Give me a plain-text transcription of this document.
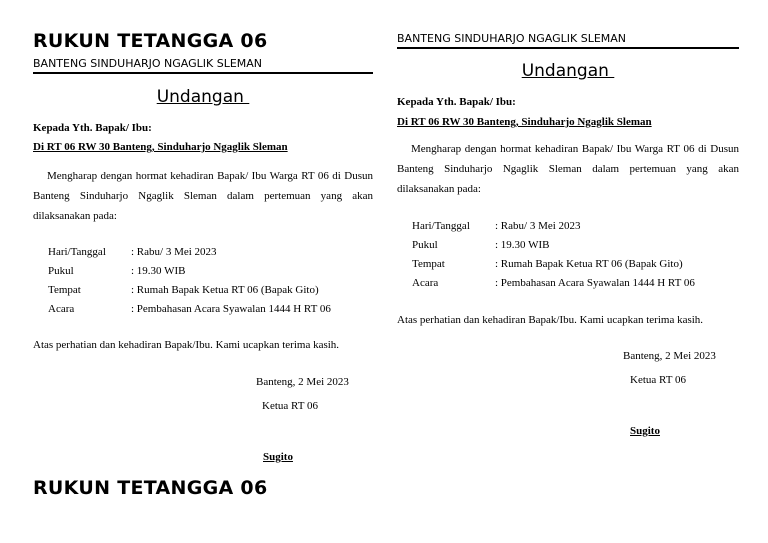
RUKUN TETANGGA 06
BANTENG SINDUHARJO NGAGLIK SLEMAN
Undangan
Kepada Yth. Bapak/ Ibu:
Di RT 06 RW 30 Banteng, Sinduharjo Ngaglik Sleman
Mengharap dengan hormat kehadiran Bapak/ Ibu Warga RT 06 di Dusun Banteng Sinduharjo Ngaglik Sleman dalam pertemuan yang akan dilaksanakan pada:
Hari/Tanggal	: Rabu/ 3 Mei 2023
Pukul	: 19.30 WIB
Tempat	: Rumah Bapak Ketua RT 06 (Bapak Gito)
Acara	: Pembahasan Acara Syawalan 1444 H RT 06
Atas perhatian dan kehadiran Bapak/Ibu. Kami ucapkan terima kasih.
Banteng, 2 Mei 2023
Ketua RT 06
Sugito
BANTENG SINDUHARJO NGAGLIK SLEMAN
Undangan
Kepada Yth. Bapak/ Ibu:
Di RT 06 RW 30 Banteng, Sinduharjo Ngaglik Sleman
Mengharap dengan hormat kehadiran Bapak/ Ibu Warga RT 06 di Dusun Banteng Sinduharjo Ngaglik Sleman dalam pertemuan yang akan dilaksanakan pada:
Hari/Tanggal	: Rabu/ 3 Mei 2023
Pukul	: 19.30 WIB
Tempat	: Rumah Bapak Ketua RT 06 (Bapak Gito)
Acara	: Pembahasan Acara Syawalan 1444 H RT 06
Atas perhatian dan kehadiran Bapak/Ibu. Kami ucapkan terima kasih.
Banteng, 2 Mei 2023
Ketua RT 06
Sugito
RUKUN TETANGGA 06
